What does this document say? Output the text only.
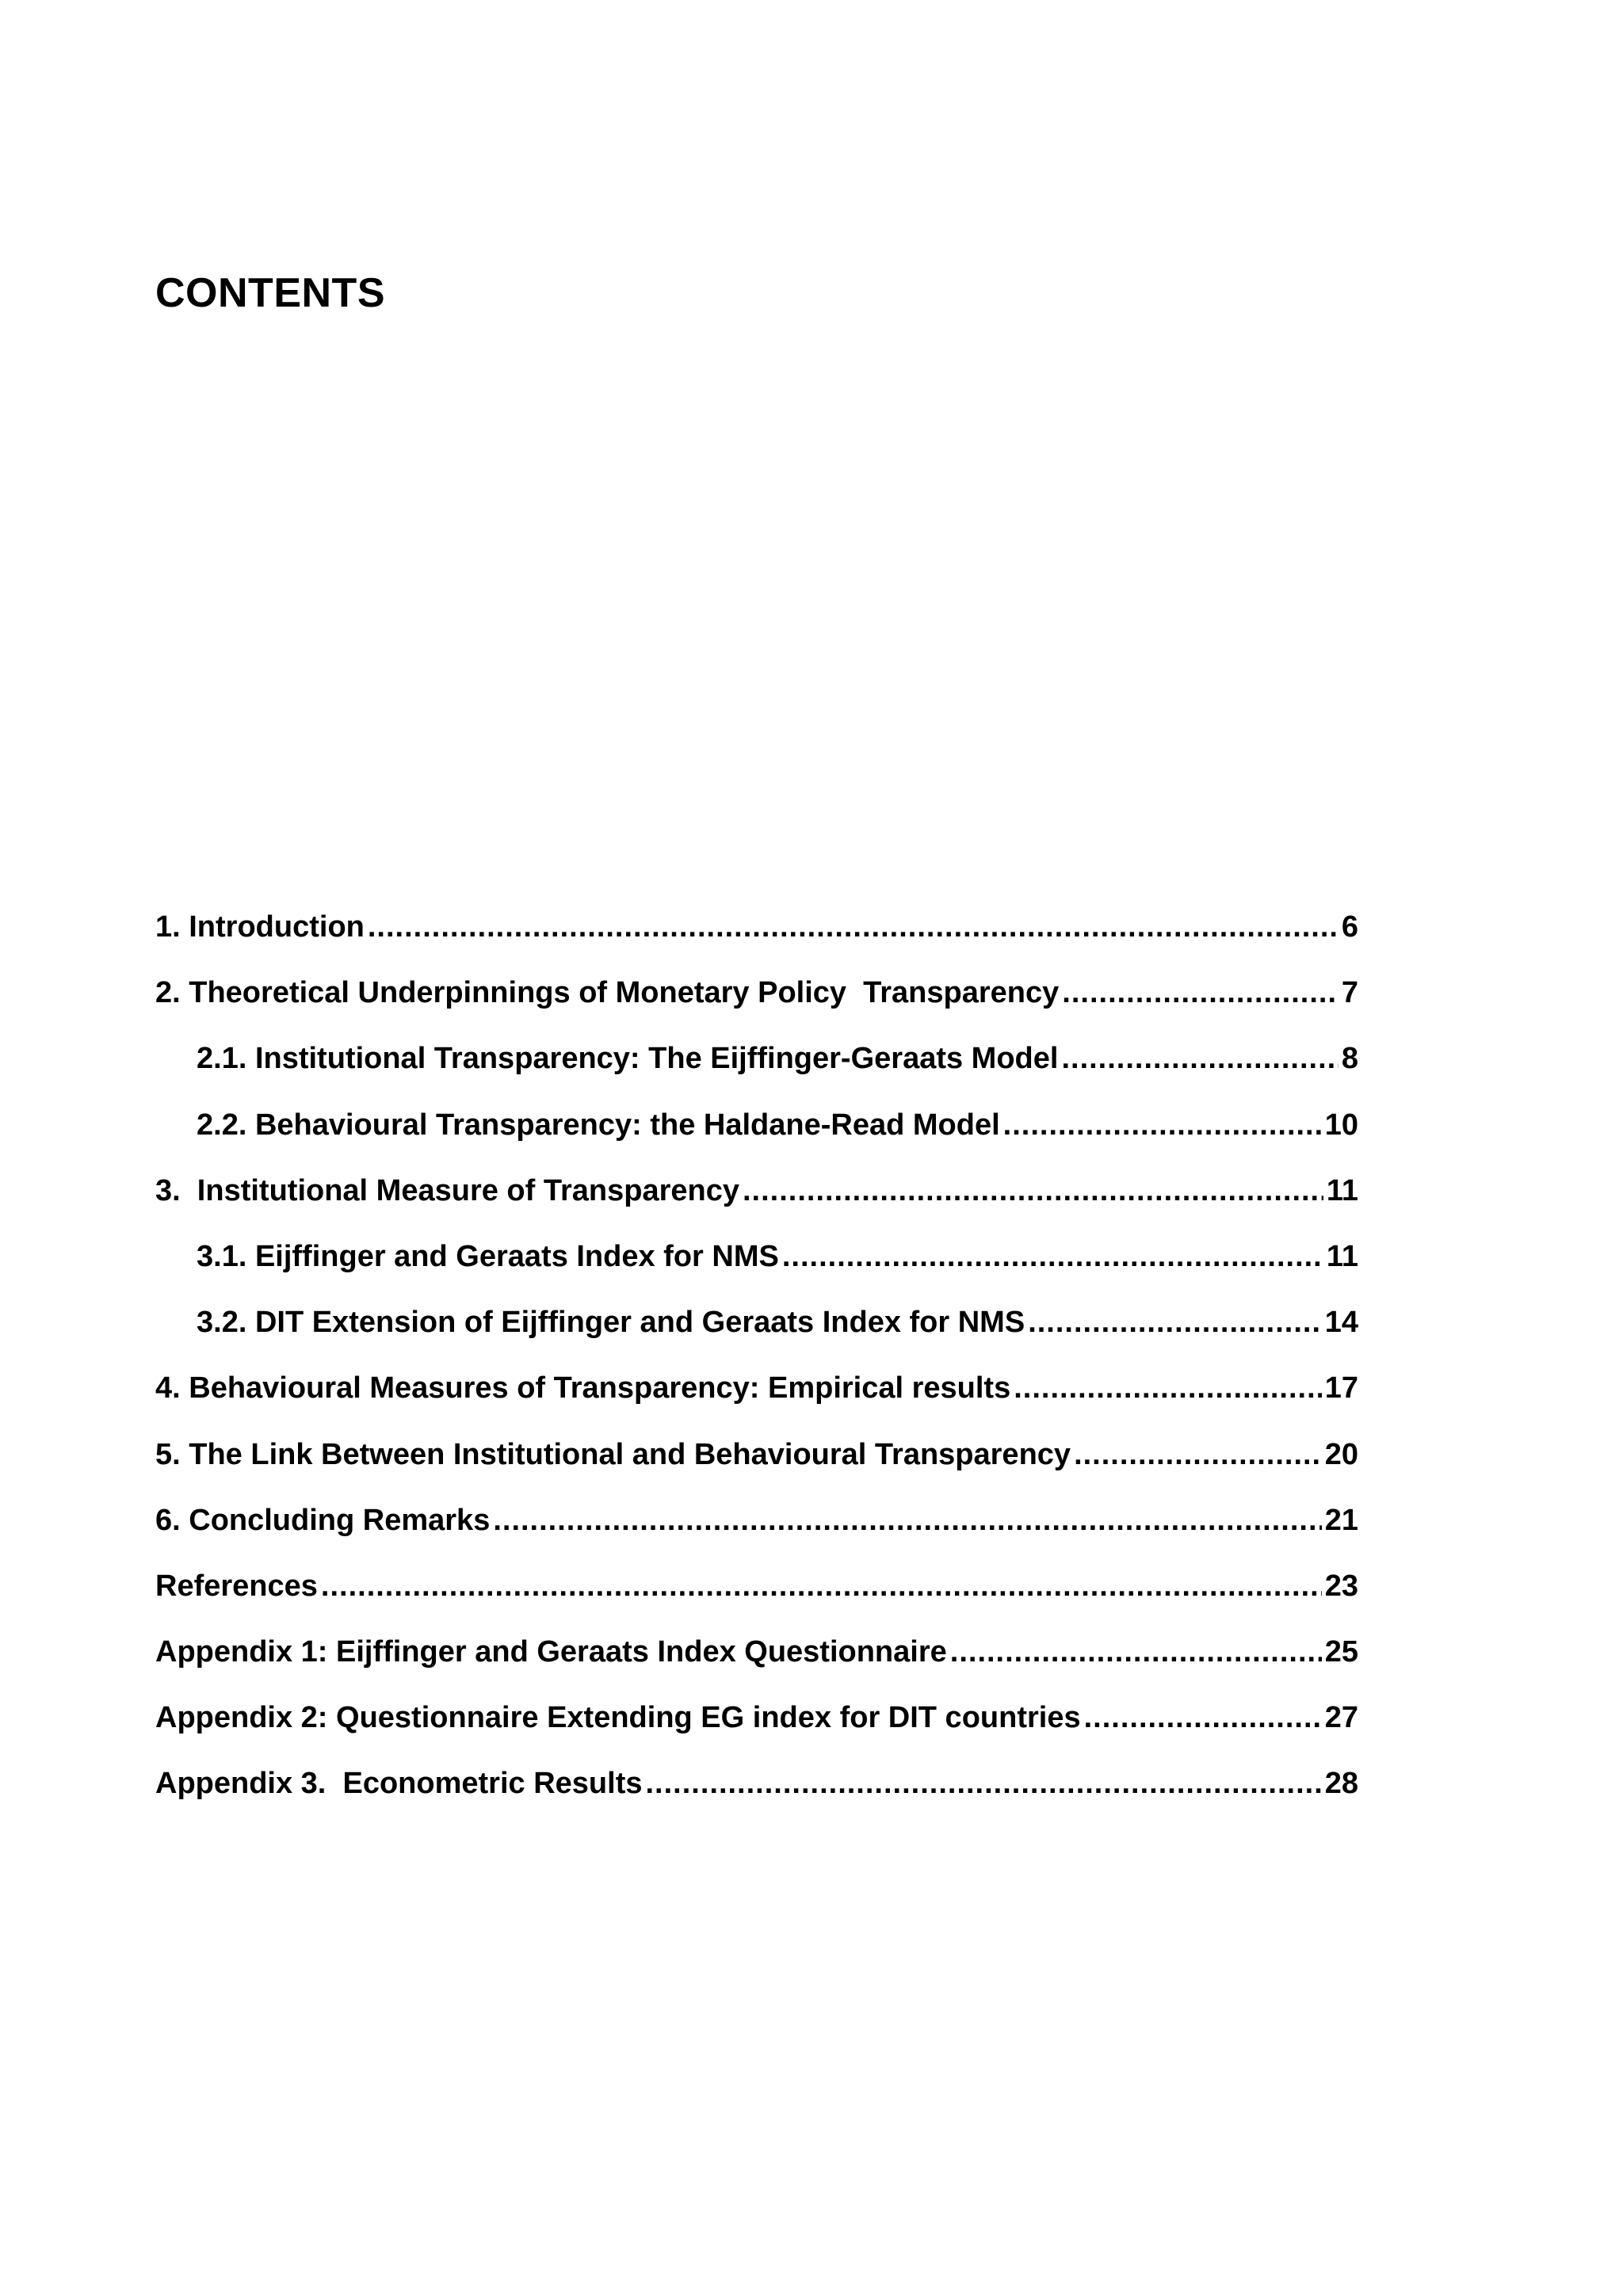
CONTENTS
1. Introduction .....	6
2. Theoretical Underpinnings of Monetary Policy  Transparency .....	7
2.1. Institutional Transparency: The Eijffinger-Geraats Model .....	8
2.2. Behavioural Transparency: the Haldane-Read Model .....	10
3.  Institutional Measure of Transparency .....	11
3.1. Eijffinger and Geraats Index for NMS .....	11
3.2. DIT Extension of Eijffinger and Geraats Index for NMS .....	14
4. Behavioural Measures of Transparency: Empirical results .....	17
5. The Link Between Institutional and Behavioural Transparency .....	20
6. Concluding Remarks .....	21
References .....	23
Appendix 1: Eijffinger and Geraats Index Questionnaire .....	25
Appendix 2: Questionnaire Extending EG index for DIT countries .....	27
Appendix 3.  Econometric Results .....	28
